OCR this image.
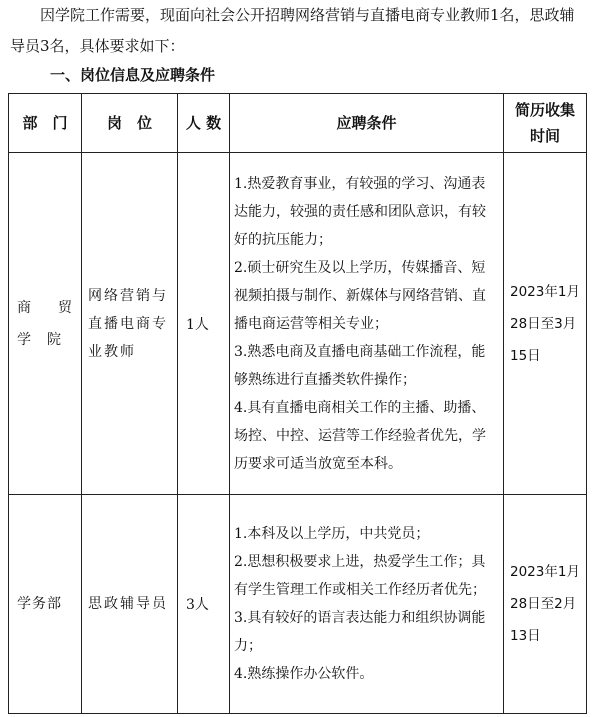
因学院工作需要，现面向社会公开招聘网络营销与直播电商专业教师1名，思政辅导员3名，具体要求如下：

一、岗位信息及应聘条件
部　门	岗　位	人 数	应聘条件	简历收集时间
商　贸学　院	网络营销与直播电商专业教师	1人	1.热爱教育事业，有较强的学习、沟通表达能力，较强的责任感和团队意识，有较好的抗压能力；
2.硕士研究生及以上学历，传媒播音、短视频拍摄与制作、新媒体与网络营销、直播电商运营等相关专业；
3.熟悉电商及直播电商基础工作流程，能够熟练进行直播类软件操作；
4.具有直播电商相关工作的主播、助播、场控、中控、运营等工作经验者优先，学历要求可适当放宽至本科。	2023年1月28日至3月15日
学务部	思政辅导员	3人	1.本科及以上学历，中共党员；
2.思想积极要求上进，热爱学生工作；具有学生管理工作或相关工作经历者优先；
3.具有较好的语言表达能力和组织协调能力；
4.熟练操作办公软件。	2023年1月28日至2月13日
